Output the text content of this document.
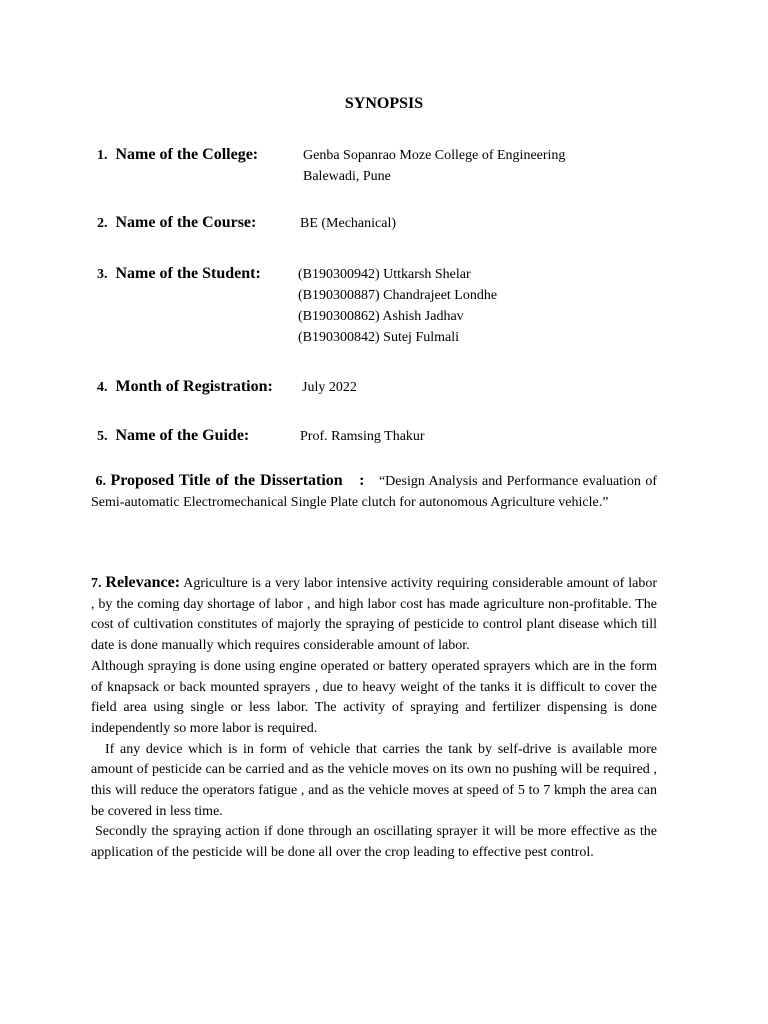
SYNOPSIS
1. Name of the College:	Genba Sopanrao Moze College of Engineering
Balewadi, Pune
2. Name of the Course:	BE (Mechanical)
3. Name of the Student:	(B190300942) Uttkarsh Shelar
(B190300887) Chandrajeet Londhe
(B190300862) Ashish Jadhav
(B190300842) Sutej Fulmali
4. Month of Registration: July 2022
5. Name of the Guide:	Prof. Ramsing Thakur

6. Proposed Title of the Dissertation : “Design Analysis and Performance evaluation of Semi-automatic Electromechanical Single Plate clutch for autonomous Agriculture vehicle.”

7. Relevance: Agriculture is a very labor intensive activity requiring considerable amount of labor , by the coming day shortage of labor , and high labor cost has made agriculture non-profitable. The cost of cultivation constitutes of majorly the spraying of pesticide to control plant disease which till date is done manually which requires considerable amount of labor.

Although spraying is done using engine operated or battery operated sprayers which are in the form of knapsack or back mounted sprayers , due to heavy weight of the tanks it is difficult to cover the field area using single or less labor. The activity of spraying and fertilizer dispensing is done independently so more labor is required.

If any device which is in form of vehicle that carries the tank by self-drive is available more amount of pesticide can be carried and as the vehicle moves on its own no pushing will be required , this will reduce the operators fatigue , and as the vehicle moves at speed of 5 to 7 kmph the area can be covered in less time.

Secondly the spraying action if done through an oscillating sprayer it will be more effective as the application of the pesticide will be done all over the crop leading to effective pest control.
